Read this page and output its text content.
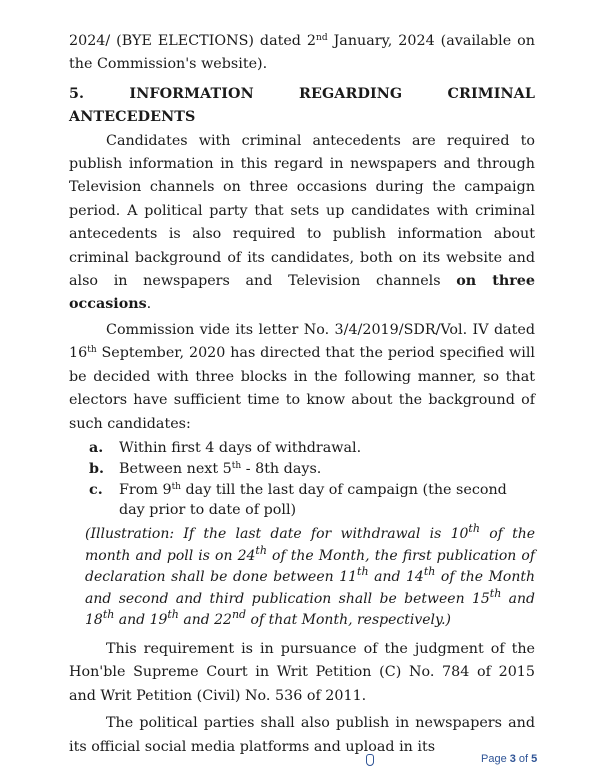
2024/ (BYE ELECTIONS) dated 2nd January, 2024 (available on the Commission's website).

5. INFORMATION REGARDING CRIMINAL ANTECEDENTS

Candidates with criminal antecedents are required to publish information in this regard in newspapers and through Television channels on three occasions during the campaign period. A political party that sets up candidates with criminal antecedents is also required to publish information about criminal background of its candidates, both on its website and also in newspapers and Television channels on three occasions.

Commission vide its letter No. 3/4/2019/SDR/Vol. IV dated 16th September, 2020 has directed that the period specified will be decided with three blocks in the following manner, so that electors have sufficient time to know about the background of such candidates:

a.	Within first 4 days of withdrawal.
b.	Between next 5th - 8th days.
c.	From 9th day till the last day of campaign (the second day prior to date of poll)

(Illustration: If the last date for withdrawal is 10th of the month and poll is on 24th of the Month, the first publication of declaration shall be done between 11th and 14th of the Month and second and third publication shall be between 15th and 18th and 19th and 22nd of that Month, respectively.)

This requirement is in pursuance of the judgment of the Hon'ble Supreme Court in Writ Petition (C) No. 784 of 2015 and Writ Petition (Civil) No. 536 of 2011.

The political parties shall also publish in newspapers and its official social media platforms and upload in its

Page 3 of 5
